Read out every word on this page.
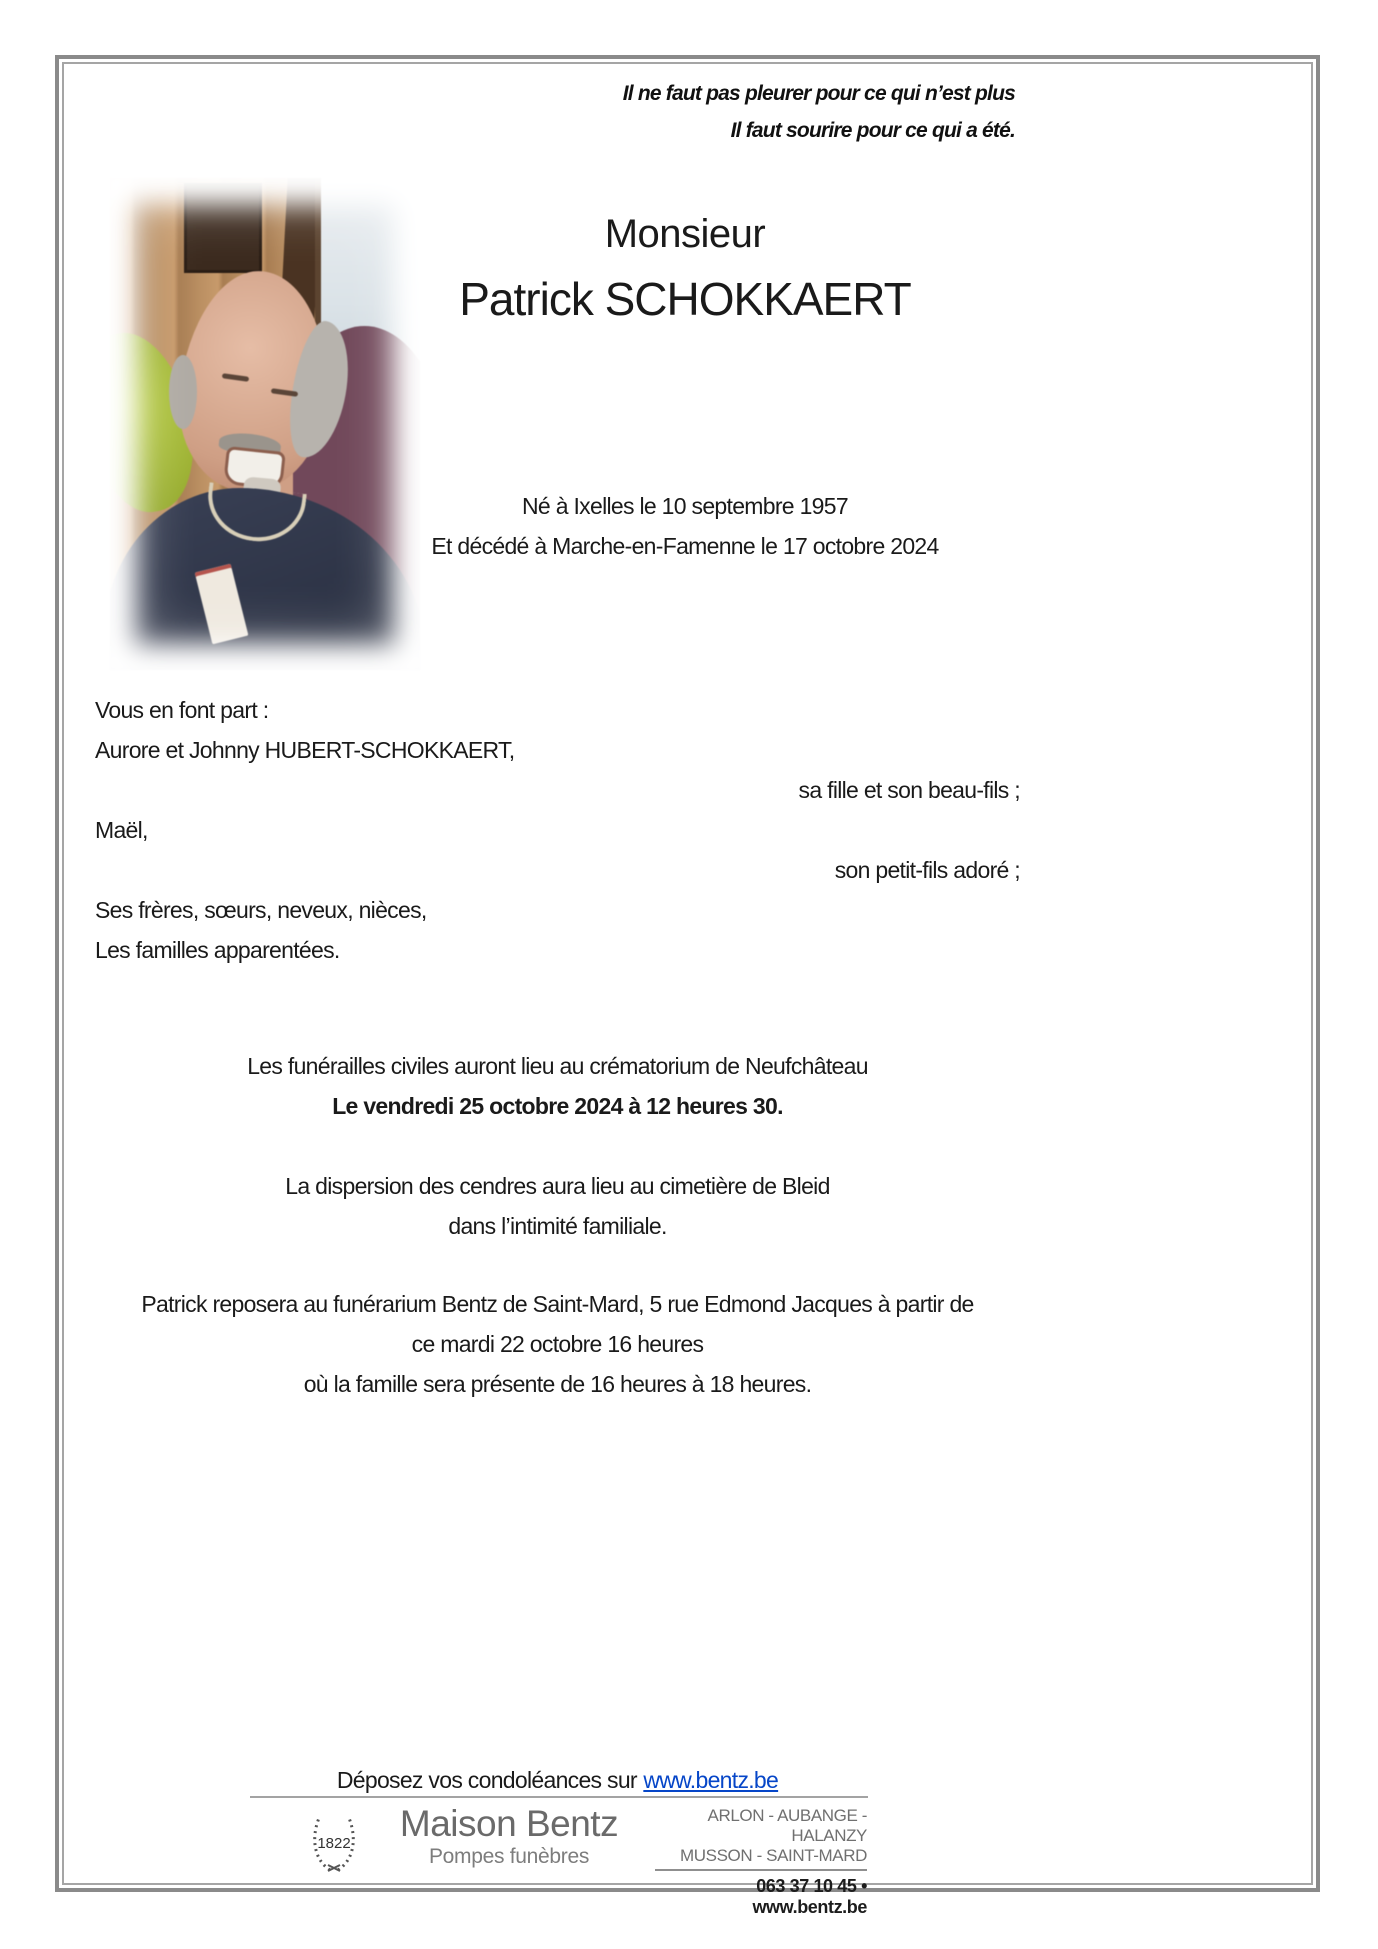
Il ne faut pas pleurer pour ce qui n’est plus
Il faut sourire pour ce qui a été.
Monsieur
Patrick SCHOKKAERT
Né à Ixelles le 10 septembre 1957
Et décédé à Marche-en-Famenne le 17 octobre 2024
Vous en font part :
Aurore et Johnny HUBERT-SCHOKKAERT,
sa fille et son beau-fils ;
Maël,
son petit-fils adoré ;
Ses frères, sœurs, neveux, nièces,
Les familles apparentées.
Les funérailles civiles auront lieu au crématorium de Neufchâteau
Le vendredi 25 octobre 2024 à 12 heures 30.
La dispersion des cendres aura lieu au cimetière de Bleid
dans l’intimité familiale.
Patrick reposera au funérarium Bentz de Saint-Mard, 5 rue Edmond Jacques à partir de
ce mardi 22 octobre 16 heures
où la famille sera présente de 16 heures à 18 heures.
Déposez vos condoléances sur www.bentz.be
1822	Maison Bentz
Pompes funèbres
ARLON - AUBANGE - HALANZY
MUSSON - SAINT-MARD
063 37 10 45 • www.bentz.be
